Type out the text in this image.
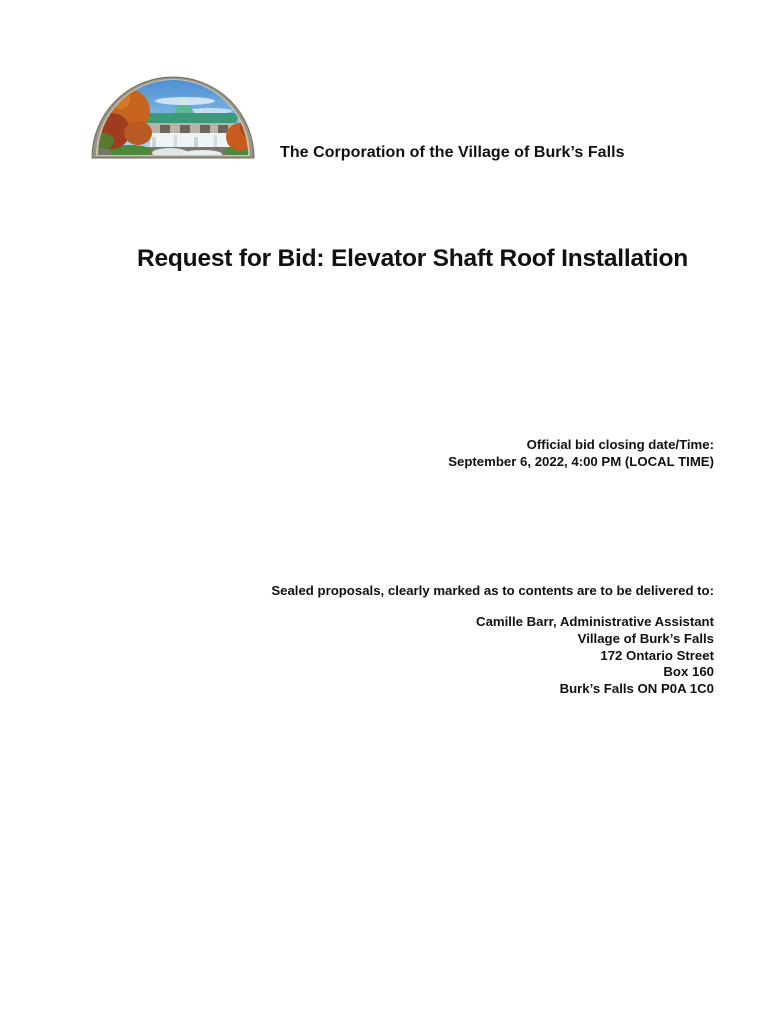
The Corporation of the Village of Burk’s Falls
Request for Bid: Elevator Shaft Roof Installation
Official bid closing date/Time:
September 6, 2022, 4:00 PM (LOCAL TIME)
Sealed proposals, clearly marked as to contents are to be delivered to:
Camille Barr, Administrative Assistant
Village of Burk’s Falls
172 Ontario Street
Box 160
Burk’s Falls ON P0A 1C0
